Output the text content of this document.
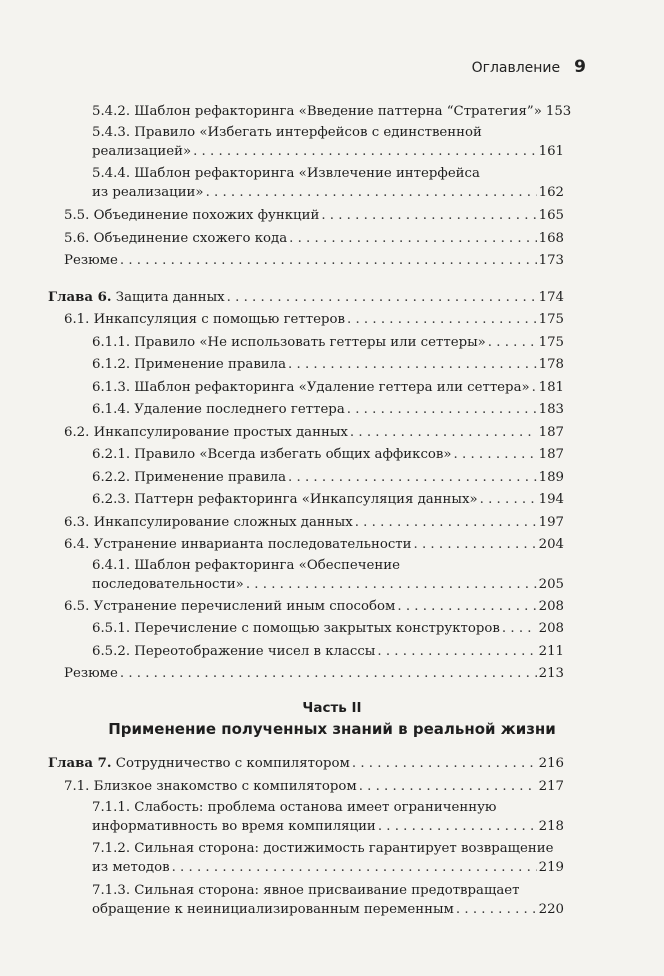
Оглавление 9
5.4.2. Шаблон рефакторинга «Введение паттерна “Стратегия”» 153
5.4.3. Правило «Избегать интерфейсов с единственной
реализацией» . . .	161
5.4.4. Шаблон рефакторинга «Извлечение интерфейса
из реализации» . . .	162
5.5. Объединение похожих функций . . .	165
5.6. Объединение схожего кода . . .	168
Резюме . . .	173
Глава 6. Защита данных . . .	174
6.1. Инкапсуляция с помощью геттеров . . .	175
6.1.1. Правило «Не использовать геттеры или сеттеры» . . .	175
6.1.2. Применение правила . . .	178
6.1.3. Шаблон рефакторинга «Удаление геттера или сеттера» . . . 181
6.1.4. Удаление последнего геттера . . .	183
6.2. Инкапсулирование простых данных . . .	187
6.2.1. Правило «Всегда избегать общих аффиксов» . . .	187
6.2.2. Применение правила . . .	189
6.2.3. Паттерн рефакторинга «Инкапсуляция данных» . . .	194
6.3. Инкапсулирование сложных данных . . .	197
6.4. Устранение инварианта последовательности . . .	204
6.4.1. Шаблон рефакторинга «Обеспечение
последовательности» . . .	205
6.5. Устранение перечислений иным способом . . .	208
6.5.1. Перечисление с помощью закрытых конструкторов . . .	208
6.5.2. Переотображение чисел в классы . . .	211
Резюме . . .	213
Часть II
Применение полученных знаний в реальной жизни
Глава 7. Сотрудничество с компилятором . . .	216
7.1. Близкое знакомство с компилятором . . .	217
7.1.1. Слабость: проблема останова имеет ограниченную
информативность во время компиляции . . .	218
7.1.2. Сильная сторона: достижимость гарантирует возвращение
из методов . . .	219
7.1.3. Сильная сторона: явное присваивание предотвращает
обращение к неинициализированным переменным . . .	220
